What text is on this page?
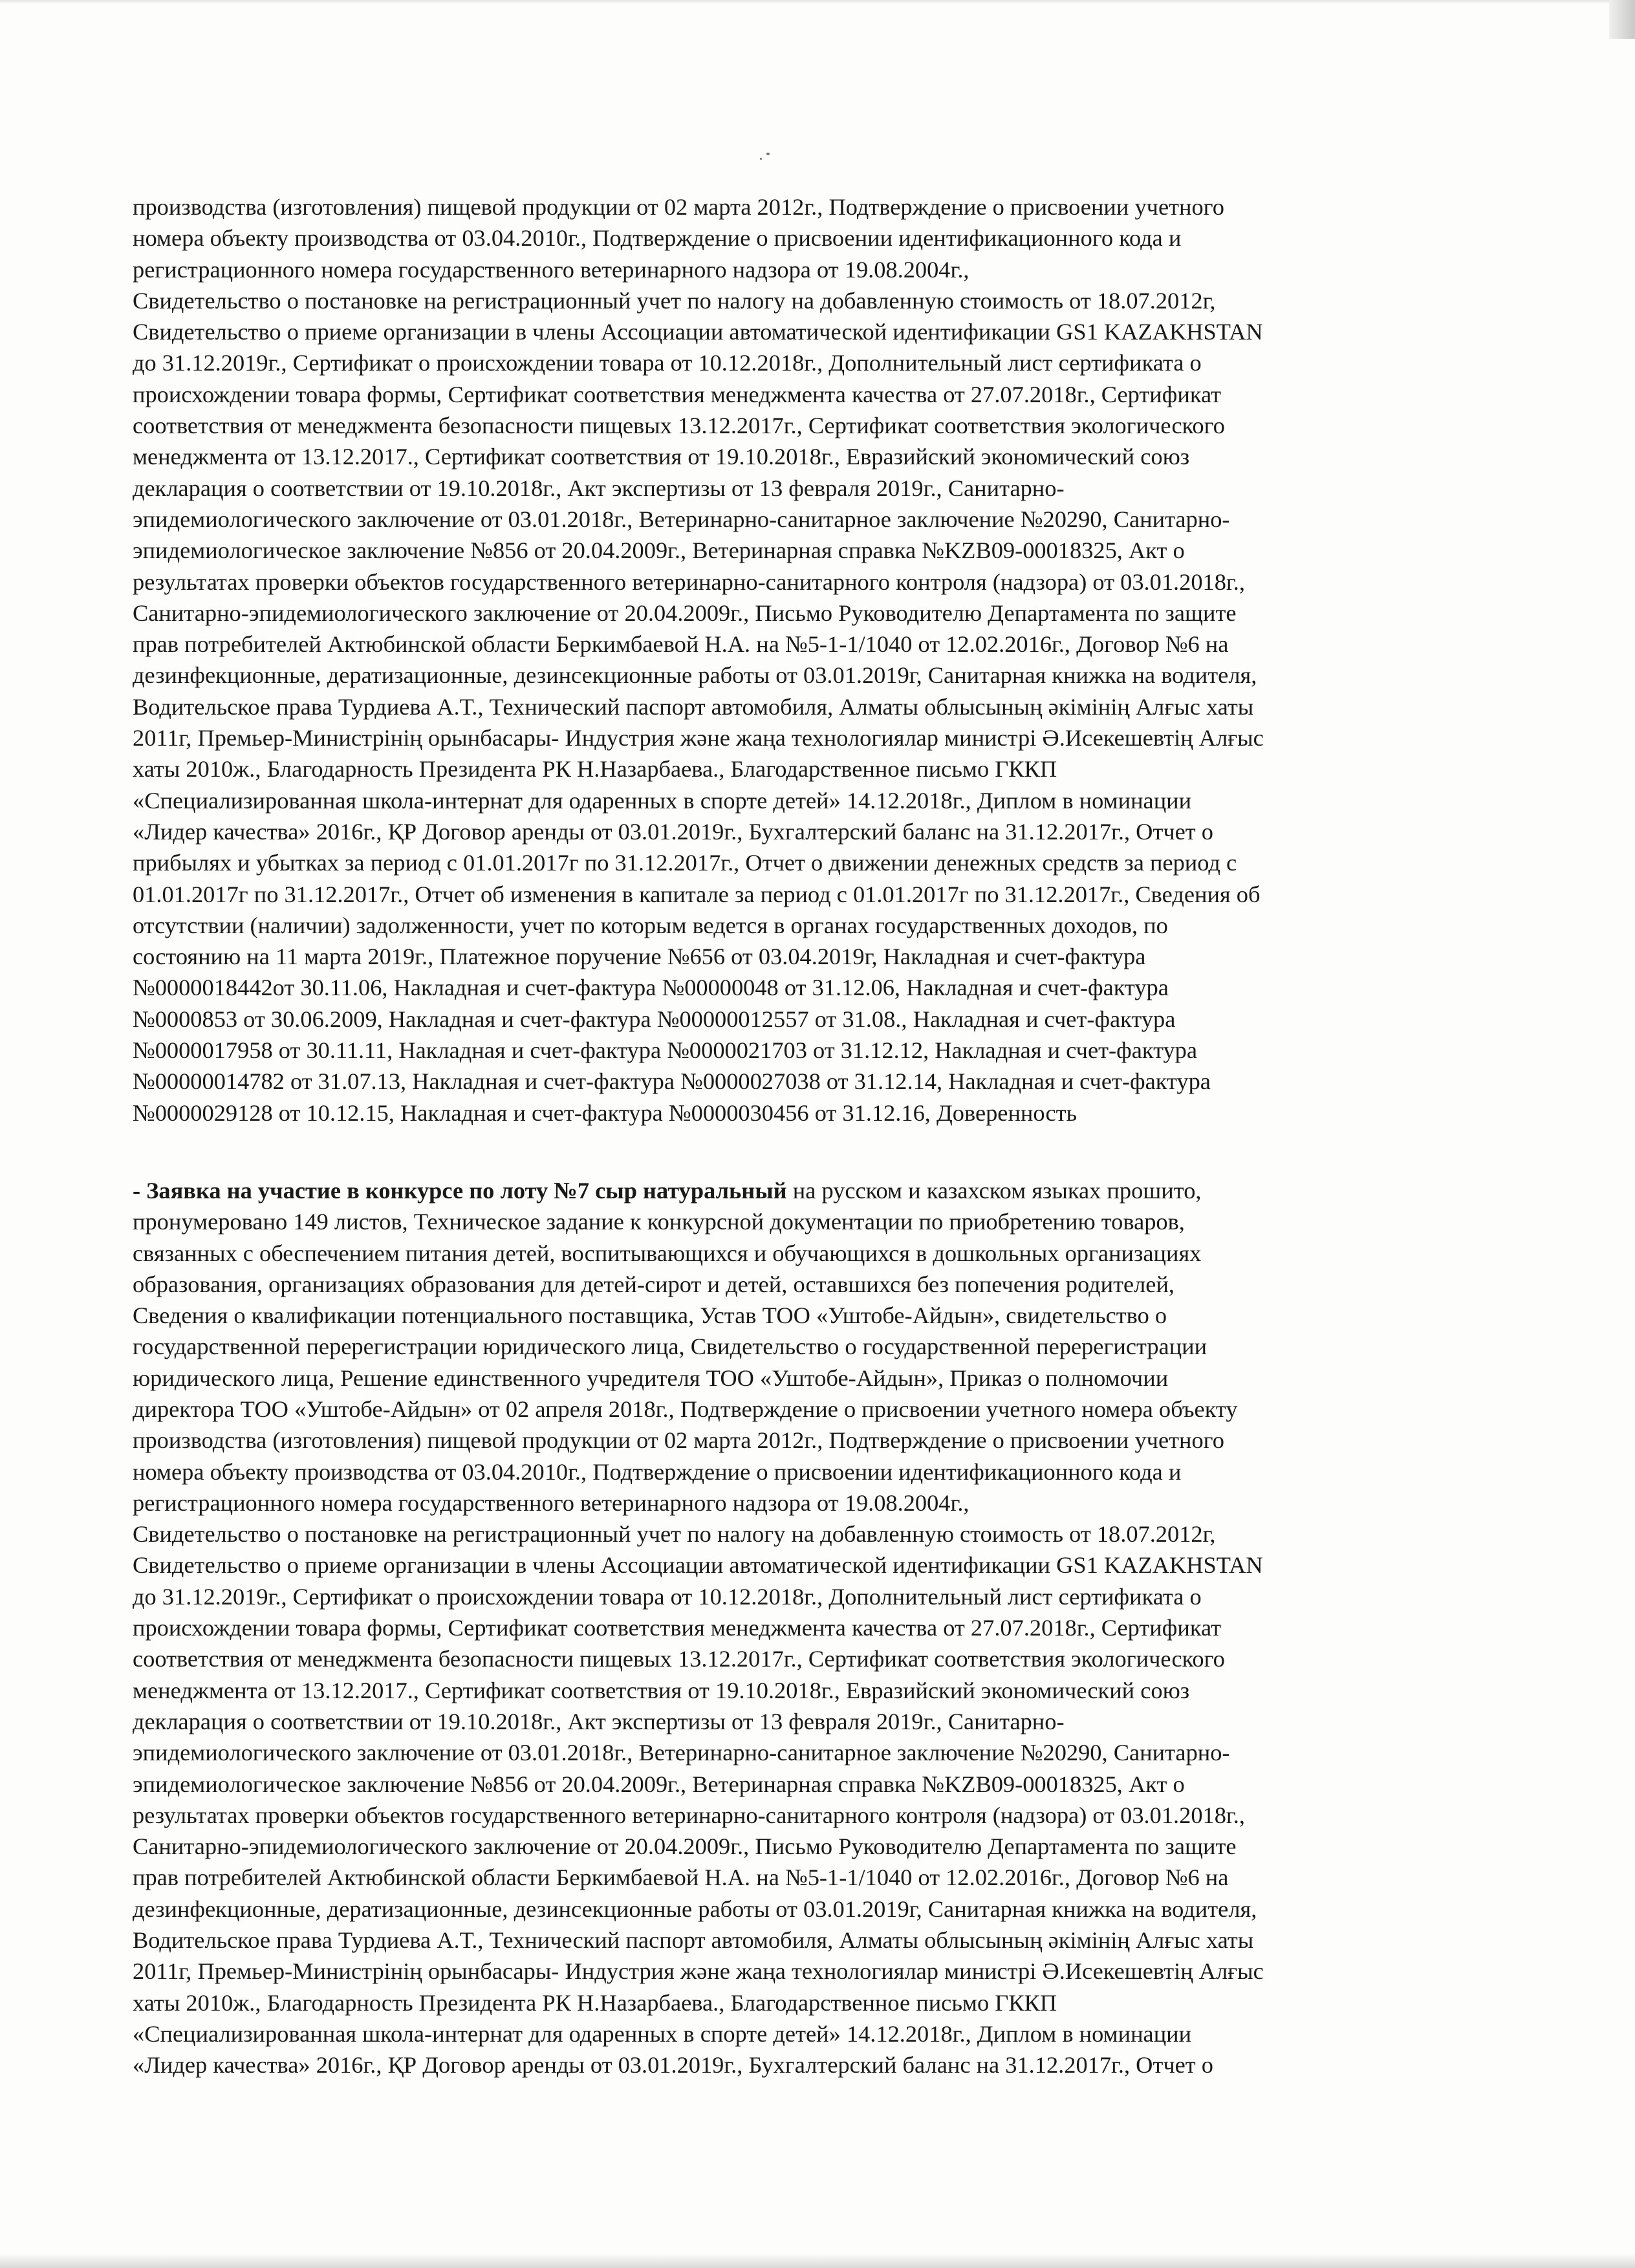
производства (изготовления) пищевой продукции от 02 марта 2012г., Подтверждение о присвоении учетного
номера объекту производства от 03.04.2010г., Подтверждение о присвоении идентификационного кода и
регистрационного номера государственного ветеринарного надзора от 19.08.2004г.,
Свидетельство о постановке на регистрационный учет по налогу на добавленную стоимость от 18.07.2012г,
Свидетельство о приеме организации в члены Ассоциации автоматической идентификации GS1 KAZAKHSTAN
до 31.12.2019г., Сертификат о происхождении товара от 10.12.2018г., Дополнительный лист сертификата о
происхождении товара формы, Сертификат соответствия менеджмента качества от 27.07.2018г., Сертификат
соответствия от менеджмента безопасности пищевых 13.12.2017г., Сертификат соответствия экологического
менеджмента от 13.12.2017., Сертификат соответствия от 19.10.2018г., Евразийский экономический союз
декларация о соответствии от 19.10.2018г., Акт экспертизы от 13 февраля 2019г., Санитарно-
эпидемиологического заключение от 03.01.2018г., Ветеринарно-санитарное заключение №20290, Санитарно-
эпидемиологическое заключение №856 от 20.04.2009г., Ветеринарная справка №KZB09-00018325, Акт о
результатах проверки объектов государственного ветеринарно-санитарного контроля (надзора) от 03.01.2018г.,
Санитарно-эпидемиологического заключение от 20.04.2009г., Письмо Руководителю Департамента по защите
прав потребителей Актюбинской области Беркимбаевой Н.А. на №5-1-1/1040 от 12.02.2016г., Договор №6 на
дезинфекционные, дератизационные, дезинсекционные работы от 03.01.2019г, Санитарная книжка на водителя,
Водительское права Турдиева А.Т., Технический паспорт автомобиля, Алматы облысының әкімінің Алғыс хаты
2011г, Премьер-Министрінің орынбасары- Индустрия және жаңа технологиялар министрі Ә.Исекешевтің Алғыс
хаты 2010ж., Благодарность Президента РК Н.Назарбаева., Благодарственное письмо ГККП
«Специализированная школа-интернат для одаренных в спорте детей» 14.12.2018г., Диплом в номинации
«Лидер качества» 2016г., ҚР Договор аренды от 03.01.2019г., Бухгалтерский баланс на 31.12.2017г., Отчет о
прибылях и убытках за период с 01.01.2017г по 31.12.2017г., Отчет о движении денежных средств за период с
01.01.2017г по 31.12.2017г., Отчет об изменения в капитале за период с 01.01.2017г по 31.12.2017г., Сведения об
отсутствии (наличии) задолженности, учет по которым ведется в органах государственных доходов, по
состоянию на 11 марта 2019г., Платежное поручение №656 от 03.04.2019г, Накладная и счет-фактура
№0000018442от 30.11.06, Накладная и счет-фактура №00000048 от 31.12.06, Накладная и счет-фактура
№0000853 от 30.06.2009, Накладная и счет-фактура №00000012557 от 31.08., Накладная и счет-фактура
№0000017958 от 30.11.11, Накладная и счет-фактура №0000021703 от 31.12.12, Накладная и счет-фактура
№00000014782 от 31.07.13, Накладная и счет-фактура №0000027038 от 31.12.14, Накладная и счет-фактура
№0000029128 от 10.12.15, Накладная и счет-фактура №0000030456 от 31.12.16, Доверенность
- Заявка на участие в конкурсе по лоту №7 сыр натуральный на русском и казахском языках прошито,
пронумеровано 149 листов, Техническое задание к конкурсной документации по приобретению товаров,
связанных с обеспечением питания детей, воспитывающихся и обучающихся в дошкольных организациях
образования, организациях образования для детей-сирот и детей, оставшихся без попечения родителей,
Сведения о квалификации потенциального поставщика, Устав ТОО «Уштобе-Айдын», свидетельство о
государственной перерегистрации юридического лица, Свидетельство о государственной перерегистрации
юридического лица, Решение единственного учредителя ТОО «Уштобе-Айдын», Приказ о полномочии
директора ТОО «Уштобе-Айдын» от 02 апреля 2018г., Подтверждение о присвоении учетного номера объекту
производства (изготовления) пищевой продукции от 02 марта 2012г., Подтверждение о присвоении учетного
номера объекту производства от 03.04.2010г., Подтверждение о присвоении идентификационного кода и
регистрационного номера государственного ветеринарного надзора от 19.08.2004г.,
Свидетельство о постановке на регистрационный учет по налогу на добавленную стоимость от 18.07.2012г,
Свидетельство о приеме организации в члены Ассоциации автоматической идентификации GS1 KAZAKHSTAN
до 31.12.2019г., Сертификат о происхождении товара от 10.12.2018г., Дополнительный лист сертификата о
происхождении товара формы, Сертификат соответствия менеджмента качества от 27.07.2018г., Сертификат
соответствия от менеджмента безопасности пищевых 13.12.2017г., Сертификат соответствия экологического
менеджмента от 13.12.2017., Сертификат соответствия от 19.10.2018г., Евразийский экономический союз
декларация о соответствии от 19.10.2018г., Акт экспертизы от 13 февраля 2019г., Санитарно-
эпидемиологического заключение от 03.01.2018г., Ветеринарно-санитарное заключение №20290, Санитарно-
эпидемиологическое заключение №856 от 20.04.2009г., Ветеринарная справка №KZB09-00018325, Акт о
результатах проверки объектов государственного ветеринарно-санитарного контроля (надзора) от 03.01.2018г.,
Санитарно-эпидемиологического заключение от 20.04.2009г., Письмо Руководителю Департамента по защите
прав потребителей Актюбинской области Беркимбаевой Н.А. на №5-1-1/1040 от 12.02.2016г., Договор №6 на
дезинфекционные, дератизационные, дезинсекционные работы от 03.01.2019г, Санитарная книжка на водителя,
Водительское права Турдиева А.Т., Технический паспорт автомобиля, Алматы облысының әкімінің Алғыс хаты
2011г, Премьер-Министрінің орынбасары- Индустрия және жаңа технологиялар министрі Ә.Исекешевтің Алғыс
хаты 2010ж., Благодарность Президента РК Н.Назарбаева., Благодарственное письмо ГККП
«Специализированная школа-интернат для одаренных в спорте детей» 14.12.2018г., Диплом в номинации
«Лидер качества» 2016г., ҚР Договор аренды от 03.01.2019г., Бухгалтерский баланс на 31.12.2017г., Отчет о
